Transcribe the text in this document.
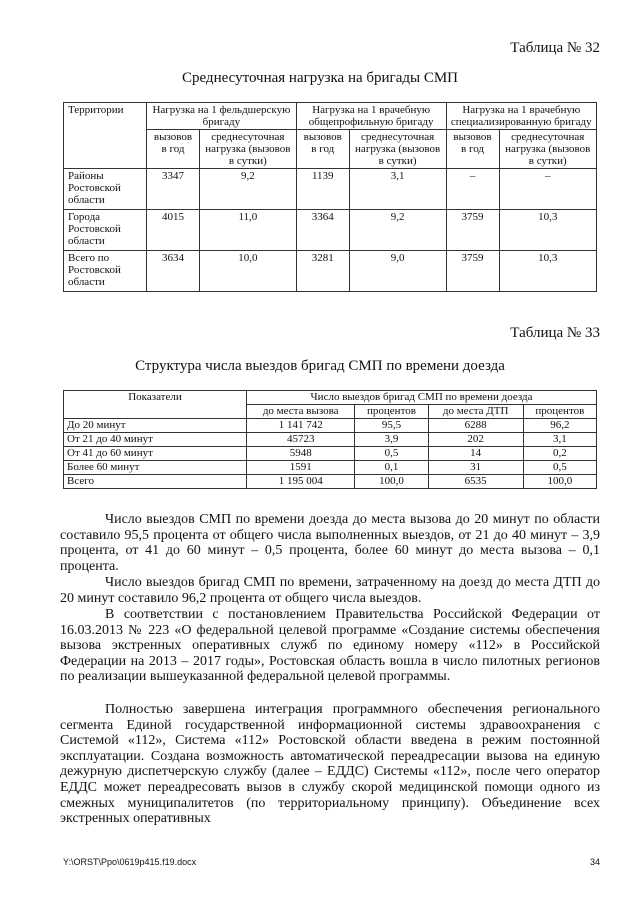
Таблица № 32
Среднесуточная нагрузка на бригады СМП
Территории	Нагрузка на 1 фельдшерскую бригаду		Нагрузка на 1 врачебную общепрофильную бригаду		Нагрузка на 1 врачебную специализированную бригаду	
	вызовов в год	среднесуточная нагрузка (вызовов в сутки)	вызовов в год	среднесуточная нагрузка (вызовов в сутки)	вызовов в год	среднесуточная нагрузка (вызовов в сутки)
Районы Ростовской области	3347	9,2	1139	3,1	–	–
Города Ростовской области	4015	11,0	3364	9,2	3759	10,3
Всего по Ростовской области	3634	10,0	3281	9,0	3759	10,3
Таблица № 33
Структура числа выездов бригад СМП по времени доезда
Показатели	Число выездов бригад СМП по времени доезда			
	до места вызова	процентов	до места ДТП	процентов
До 20 минут	1 141 742	95,5	6288	96,2
От 21 до 40 минут	45723	3,9	202	3,1
От 41 до 60 минут	5948	0,5	14	0,2
Более 60 минут	1591	0,1	31	0,5
Всего	1 195 004	100,0	6535	100,0
Число выездов СМП по времени доезда до места вызова до 20 минут по области составило 95,5 процента от общего числа выполненных выездов, от 21 до 40 минут – 3,9 процента, от 41 до 60 минут – 0,5 процента, более 60 минут до места вызова – 0,1 процента.
Число выездов бригад СМП по времени, затраченному на доезд до места ДТП до 20 минут составило 96,2 процента от общего числа выездов.
В соответствии с постановлением Правительства Российской Федерации от 16.03.2013 № 223 «О федеральной целевой программе «Создание системы обеспечения вызова экстренных оперативных служб по единому номеру «112» в Российской Федерации на 2013 – 2017 годы», Ростовская область вошла в число пилотных регионов по реализации вышеуказанной федеральной целевой программы.
Полностью завершена интеграция программного обеспечения регионального сегмента Единой государственной информационной системы здравоохранения с Системой «112», Система «112» Ростовской области введена в режим постоянной эксплуатации. Создана возможность автоматической переадресации вызова на единую дежурную диспетчерскую службу (далее – ЕДДС) Системы «112», после чего оператор ЕДДС может переадресовать вызов в службу скорой медицинской помощи одного из смежных муниципалитетов (по территориальному принципу). Объединение всех экстренных оперативных
Y:\ORST\Ppo\0619p415.f19.docx	34
